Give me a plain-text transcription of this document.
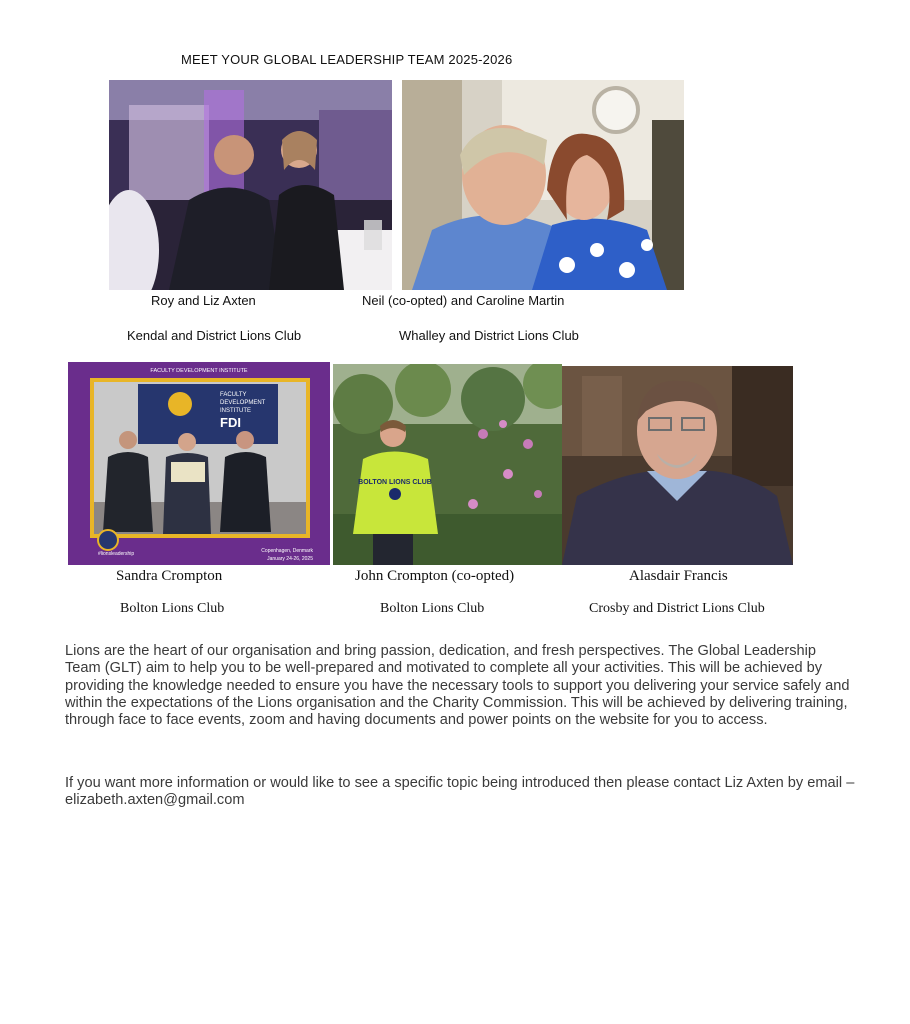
MEET YOUR GLOBAL LEADERSHIP TEAM 2025-2026
Roy and Liz Axten	Neil (co-opted) and Caroline Martin
Kendal and District Lions Club	Whalley and District Lions Club
FACULTY DEVELOPMENT INSTITUTE
FACULTY
DEVELOPMENT
INSTITUTE
FDI
#lionsleadership	Copenhagen, Denmark
January 24-26, 2025
BOLTON LIONS CLUB
Sandra Crompton	John Crompton (co-opted)	Alasdair Francis
Bolton Lions Club	Bolton Lions Club	Crosby and District Lions Club

Lions are the heart of our organisation and bring passion, dedication, and fresh perspectives. The Global Leadership Team (GLT) aim to help you to be well-prepared and motivated to complete all your activities. This will be achieved by providing the knowledge needed to ensure you have the necessary tools to support you delivering your service safely and within the expectations of the Lions organisation and the Charity Commission. This will be achieved by delivering training, through face to face events, zoom and having documents and power points on the website for you to access.

If you want more information or would like to see a specific topic being introduced then please contact Liz Axten by email – elizabeth.axten@gmail.com
